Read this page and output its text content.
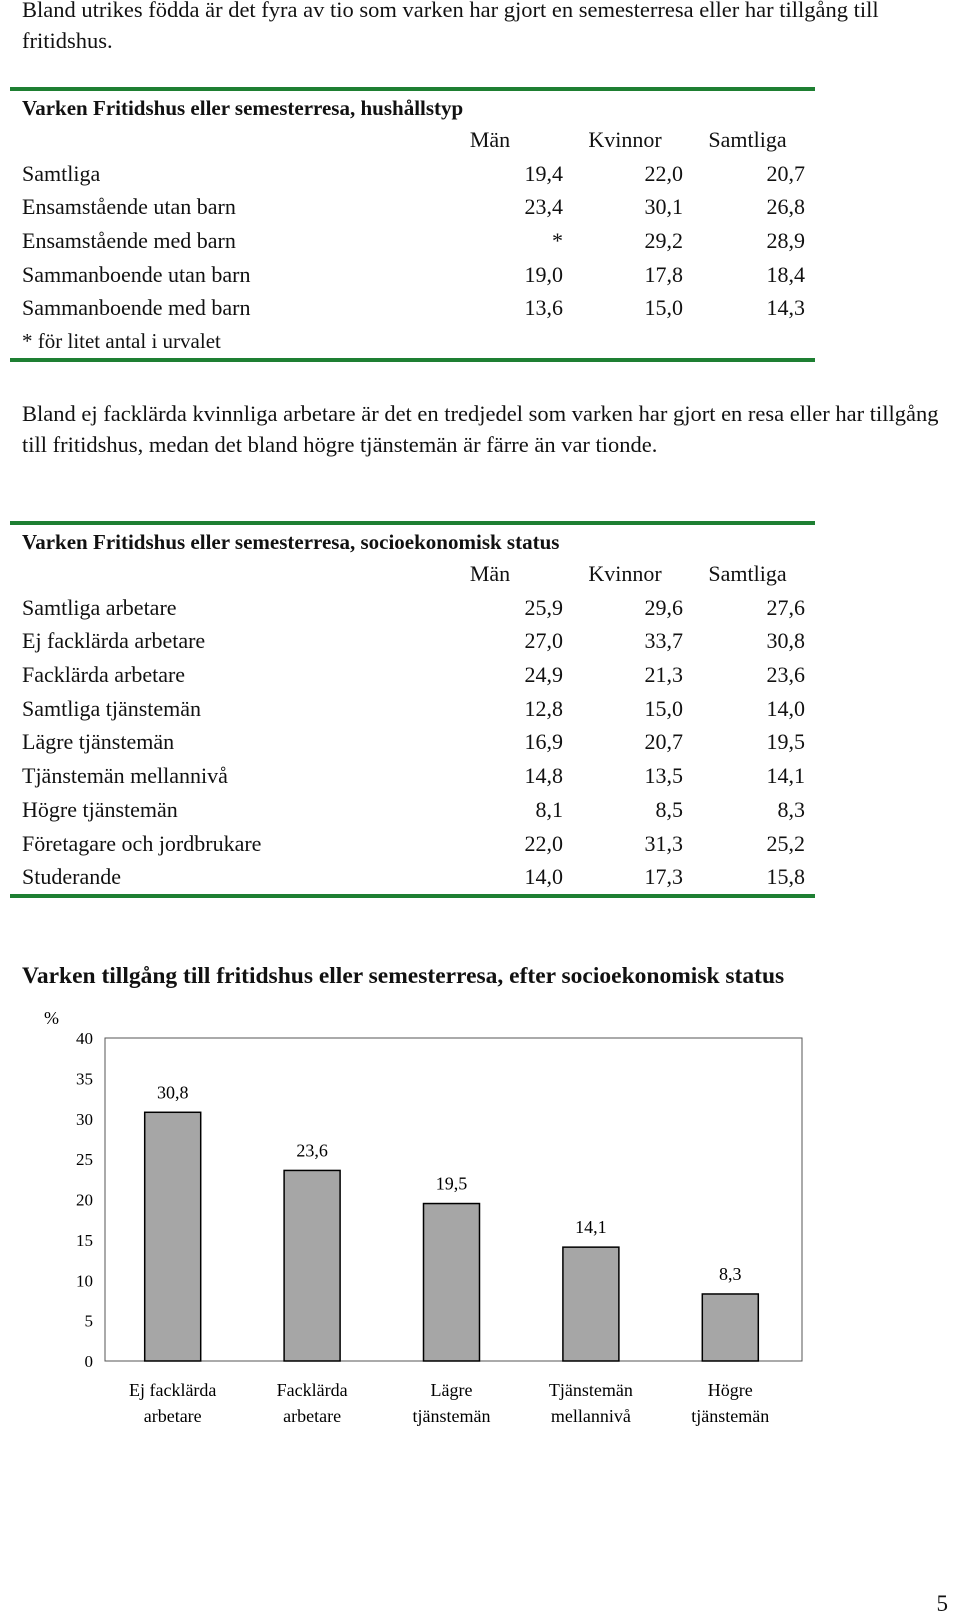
Bland utrikes födda är det fyra av tio som varken har gjort en semesterresa eller har tillgång till fritidshus.

Varken Fritidshus eller semesterresa, hushållstyp
Män	Kvinnor	Samtliga
Samtliga	19,4	22,0	20,7
Ensamstående utan barn	23,4	30,1	26,8
Ensamstående med barn	*	29,2	28,9
Sammanboende utan barn	19,0	17,8	18,4
Sammanboende med barn	13,6	15,0	14,3
* för litet antal i urvalet

Bland ej facklärda kvinnliga arbetare är det en tredjedel som varken har gjort en resa eller har tillgång till fritidshus, medan det bland högre tjänstemän är färre än var tionde.

Varken Fritidshus eller semesterresa, socioekonomisk status
Män	Kvinnor	Samtliga
Samtliga arbetare	25,9	29,6	27,6
Ej facklärda arbetare	27,0	33,7	30,8
Facklärda arbetare	24,9	21,3	23,6
Samtliga tjänstemän	12,8	15,0	14,0
Lägre tjänstemän	16,9	20,7	19,5
Tjänstemän mellannivå	14,8	13,5	14,1
Högre tjänstemän	8,1	8,5	8,3
Företagare och jordbrukare	22,0	31,3	25,2
Studerande	14,0	17,3	15,8
Varken tillgång till fritidshus eller semesterresa, efter socioekonomisk status
%
0
5
10
15
20
25
30
35
40
30,8
Ej facklärda
arbetare
23,6
Facklärda
arbetare
19,5
Lägre
tjänstemän
14,1
Tjänstemän
mellannivå
8,3
Högre
tjänstemän
5
